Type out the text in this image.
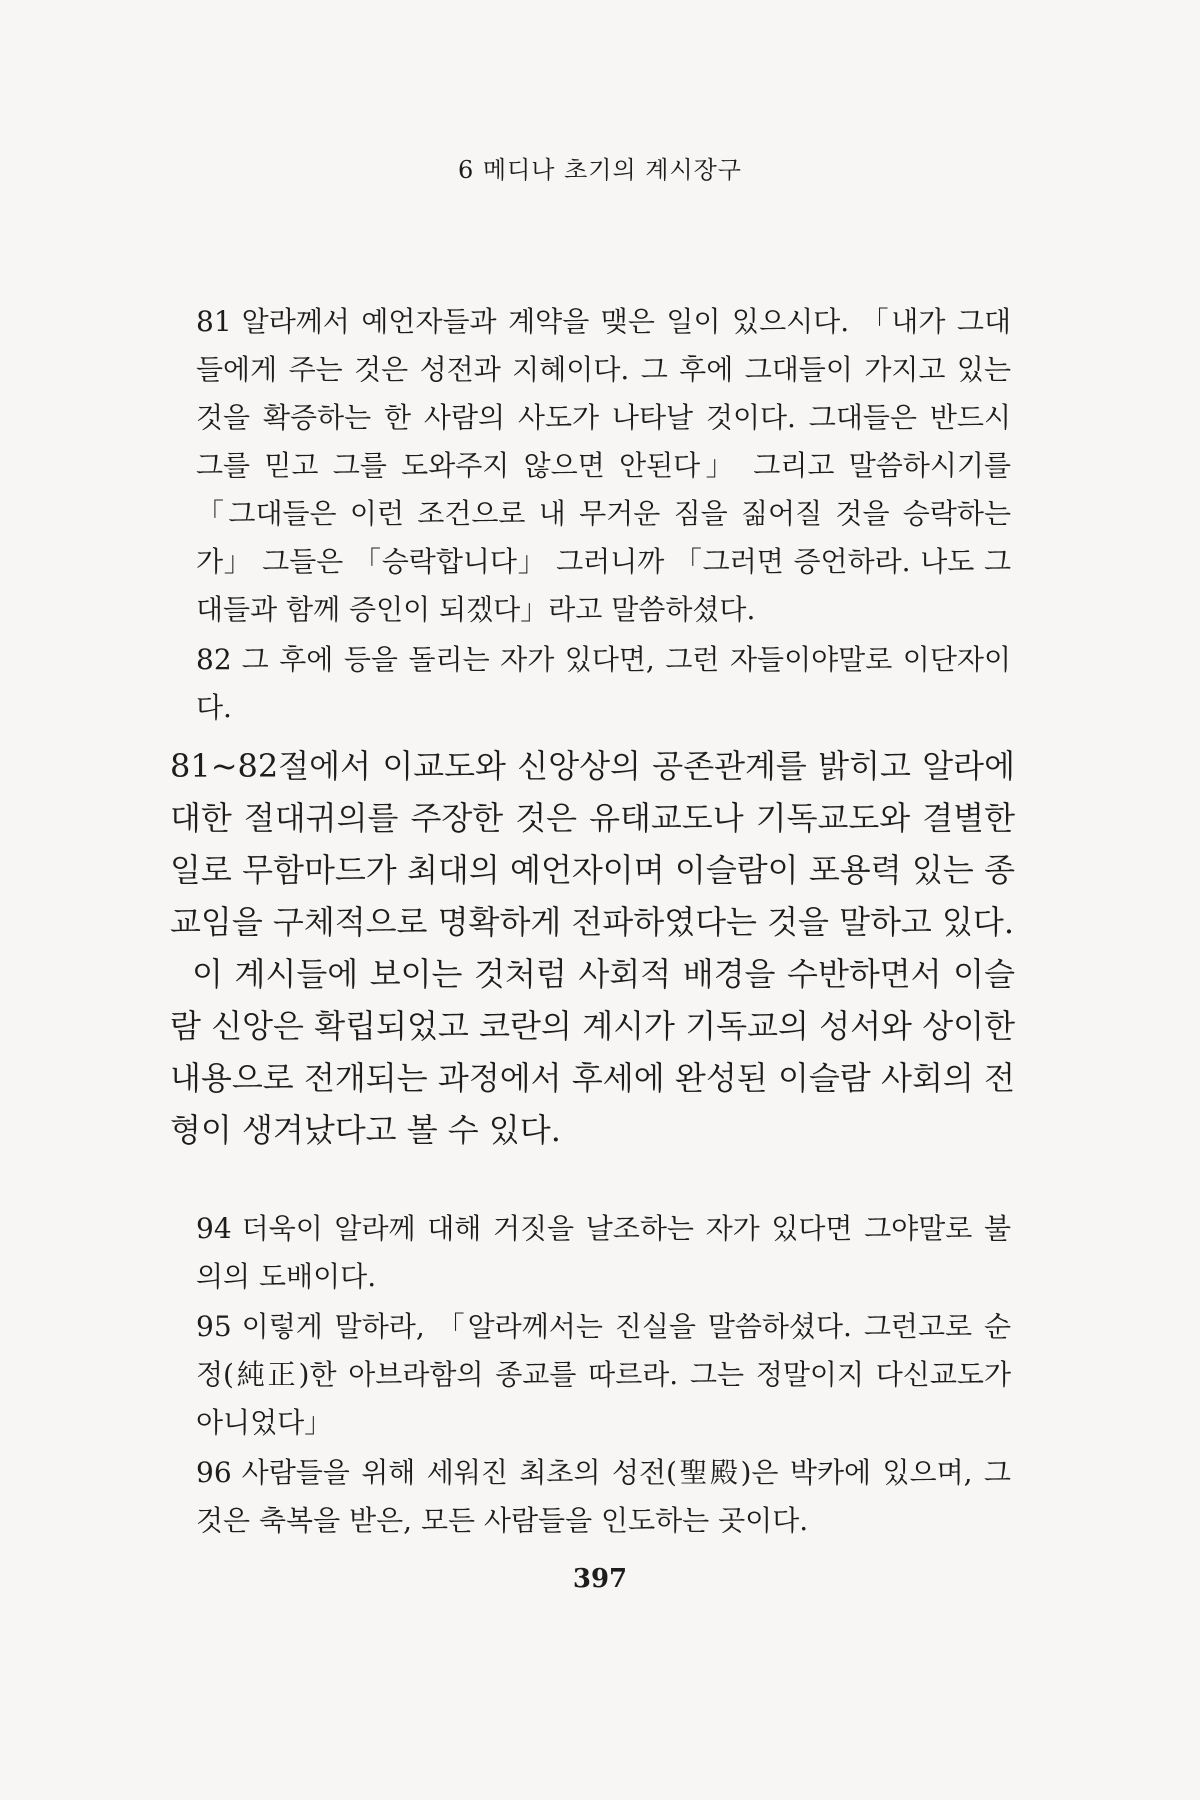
6 메디나 초기의 계시장구

81 알라께서 예언자들과 계약을 맺은 일이 있으시다. 「내가 그대들에게 주는 것은 성전과 지혜이다. 그 후에 그대들이 가지고 있는 것을 확증하는 한 사람의 사도가 나타날 것이다. 그대들은 반드시 그를 믿고 그를 도와주지 않으면 안된다」 그리고 말씀하시기를 「그대들은 이런 조건으로 내 무거운 짐을 짊어질 것을 승락하는가」 그들은 「승락합니다」 그러니까 「그러면 증언하라. 나도 그대들과 함께 증인이 되겠다」라고 말씀하셨다.

82 그 후에 등을 돌리는 자가 있다면, 그런 자들이야말로 이단자이다.

81~82절에서 이교도와 신앙상의 공존관계를 밝히고 알라에 대한 절대귀의를 주장한 것은 유태교도나 기독교도와 결별한 일로 무함마드가 최대의 예언자이며 이슬람이 포용력 있는 종교임을 구체적으로 명확하게 전파하였다는 것을 말하고 있다.

이 계시들에 보이는 것처럼 사회적 배경을 수반하면서 이슬람 신앙은 확립되었고 코란의 계시가 기독교의 성서와 상이한 내용으로 전개되는 과정에서 후세에 완성된 이슬람 사회의 전형이 생겨났다고 볼 수 있다.

94 더욱이 알라께 대해 거짓을 날조하는 자가 있다면 그야말로 불의의 도배이다.

95 이렇게 말하라, 「알라께서는 진실을 말씀하셨다. 그런고로 순정(純正)한 아브라함의 종교를 따르라. 그는 정말이지 다신교도가 아니었다」

96 사람들을 위해 세워진 최초의 성전(聖殿)은 박카에 있으며, 그것은 축복을 받은, 모든 사람들을 인도하는 곳이다.

397
